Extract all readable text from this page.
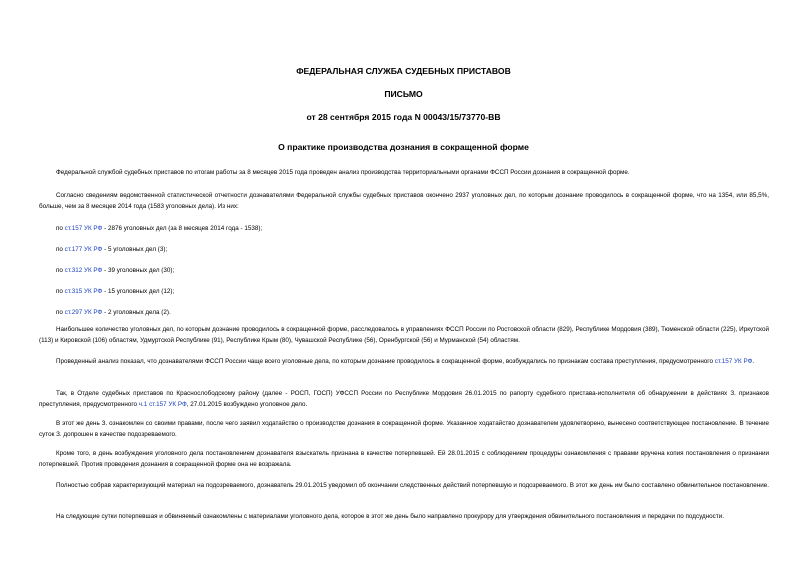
ФЕДЕРАЛЬНАЯ СЛУЖБА СУДЕБНЫХ ПРИСТАВОВ
ПИСЬМО
от 28 сентября 2015 года N 00043/15/73770-ВВ
О практике производства дознания в сокращенной форме

Федеральной службой судебных приставов по итогам работы за 8 месяцев 2015 года проведен анализ производства территориальными органами ФССП России дознания в сокращенной форме.

Согласно сведениям ведомственной статистической отчетности дознавателями Федеральной службы судебных приставов окончено 2937 уголовных дел, по которым дознание проводилось в сокращенной форме, что на 1354, или 85,5%, больше, чем за 8 месяцев 2014 года (1583 уголовных дела). Из них:

по ст.157 УК РФ - 2876 уголовных дел (за 8 месяцев 2014 года - 1538);

по ст.177 УК РФ - 5 уголовных дел (3);

по ст.312 УК РФ - 39 уголовных дел (30);

по ст.315 УК РФ - 15 уголовных дел (12);

по ст.297 УК РФ - 2 уголовных дела (2).

Наибольшее количество уголовных дел, по которым дознание проводилось в сокращенной форме, расследовалось в управлениях ФССП России по Ростовской области (829), Республике Мордовия (389), Тюменской области (225), Иркутской (113) и Кировской (106) областям, Удмуртской Республике (91), Республике Крым (80), Чувашской Республике (56), Оренбургской (56) и Мурманской (54) областям.

Проведенный анализ показал, что дознавателями ФССП России чаще всего уголовные дела, по которым дознание проводилось в сокращенной форме, возбуждались по признакам состава преступления, предусмотренного ст.157 УК РФ.

Так, в Отделе судебных приставов по Краснослободскому району (далее - РОСП, ГОСП) УФССП России по Республике Мордовия 26.01.2015 по рапорту судебного пристава-исполнителя об обнаружении в действиях З. признаков преступления, предусмотренного ч.1 ст.157 УК РФ, 27.01.2015 возбуждено уголовное дело.

В этот же день З. ознакомлен со своими правами, после чего заявил ходатайство о производстве дознания в сокращенной форме. Указанное ходатайство дознавателем удовлетворено, вынесено соответствующее постановление. В течение суток З. допрошен в качестве подозреваемого.

Кроме того, в день возбуждения уголовного дела постановлением дознавателя взыскатель признана в качестве потерпевшей. Ей 28.01.2015 с соблюдением процедуры ознакомления с правами вручена копия постановления о признании потерпевшей. Против проведения дознания в сокращенной форме она не возражала.

Полностью собрав характеризующий материал на подозреваемого, дознаватель 29.01.2015 уведомил об окончании следственных действий потерпевшую и подозреваемого. В этот же день им было составлено обвинительное постановление.

На следующие сутки потерпевшая и обвиняемый ознакомлены с материалами уголовного дела, которое в этот же день было направлено прокурору для утверждения обвинительного постановления и передачи по подсудности.
